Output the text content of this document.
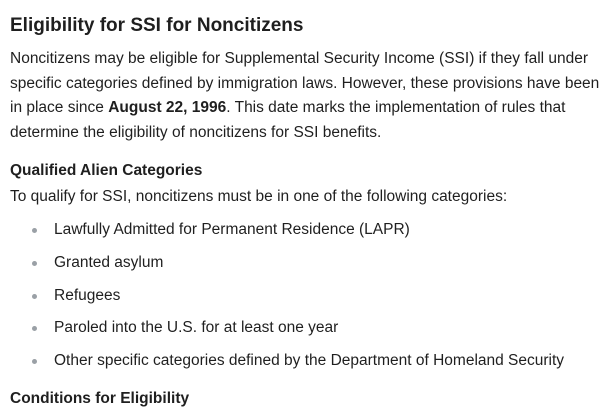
Eligibility for SSI for Noncitizens

Noncitizens may be eligible for Supplemental Security Income (SSI) if they fall under specific categories defined by immigration laws. However, these provisions have been in place since August 22, 1996. This date marks the implementation of rules that determine the eligibility of noncitizens for SSI benefits.

Qualified Alien Categories

To qualify for SSI, noncitizens must be in one of the following categories:

Lawfully Admitted for Permanent Residence (LAPR)
Granted asylum
Refugees
Paroled into the U.S. for at least one year
Other specific categories defined by the Department of Homeland Security
Conditions for Eligibility
